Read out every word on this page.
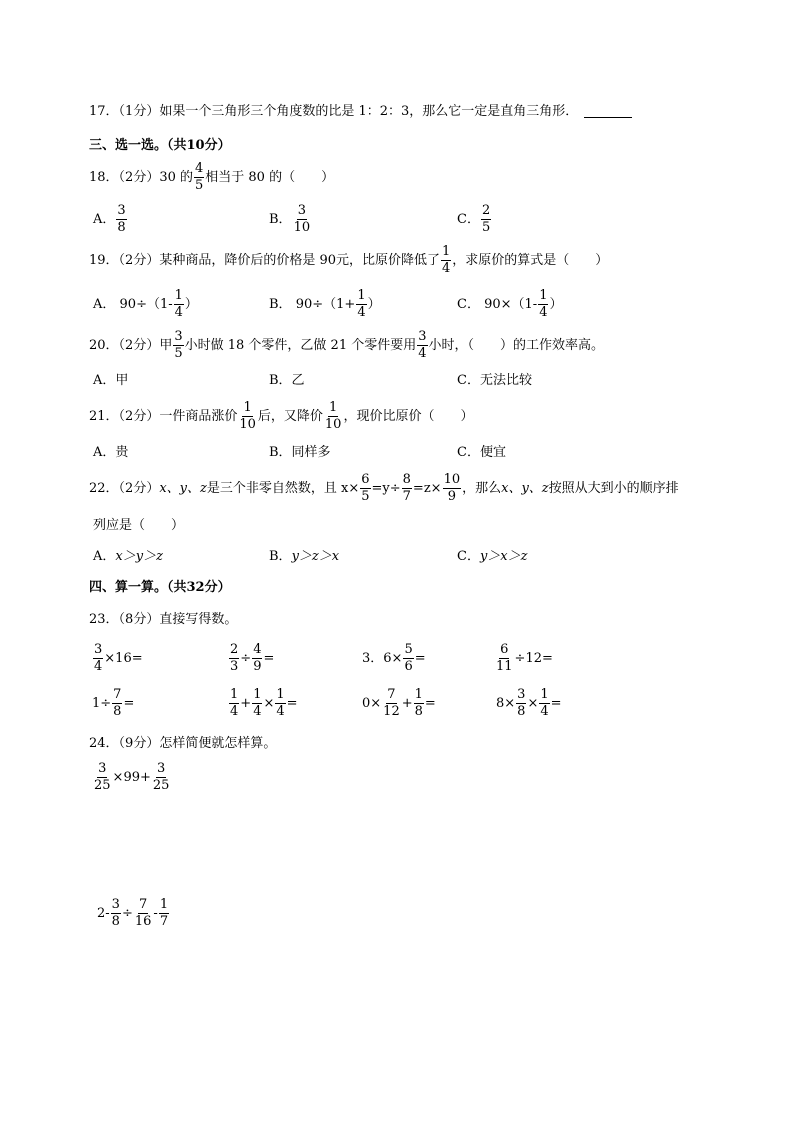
17．（1分）如果一个三角形三个角度数的比是 1：2：3，那么它一定是直角三角形．
三、选一选。（共10分）
18．（2分）30 的 $\frac{4}{5}$ 相当于 80 的（　　）
A． $\frac{3}{8}$	B． $\frac{3}{10}$	C． $\frac{2}{5}$
19．（2分）某种商品，降价后的价格是 90元，比原价降低了 $\frac{1}{4}$ ，求原价的算式是（　　）
A．
$90\div(1- \frac{1}{4}$ ）	B．
$90\div(1+ \frac{1}{4}$ ）	C．
$90\times(1- \frac{1}{4}$ ）
20．（2分）甲 $\frac{3}{5}$ 小时做 18 个零件，乙做 21 个零件要用 $\frac{3}{4}$ 小时，（　　）的工作效率高。
A．甲	B．乙	C．无法比较
21．（2分）一件商品涨价 $\frac{1}{10}$ 后，又降价 $\frac{1}{10}$ ，现价比原价（　　）
A．贵	B．同样多	C．便宜
22．（2分） x、y、z 是三个非零自然数，且 $x\times \frac{6}{5} =y\div \frac{8}{7} =z\times \frac{10}{9}$ ，那么 x、y、z 按照从大到小的顺序排
列应是（　　）
A． x＞y＞z	B． y＞z＞x	C． y＞x＞z
四、算一算。（共32分）
23．（8分）直接写得数。
$\frac{3}{4} \times 16=$	$\frac{2}{3} \div \frac{4}{9}$ =	3．$6\times \frac{5}{6}$ =	$\frac{6}{11} \div 12=$
$1\div \frac{7}{8}$ =	$\frac{1}{4} + \frac{1}{4} \times \frac{1}{4}$ =	$0\times \frac{7}{12} + \frac{1}{8}$ =	$8\times \frac{3}{8} \times \frac{1}{4}$ =
24．（9分）怎样简便就怎样算。
$\frac{3}{25} \times 99+ \frac{3}{25}$
$2- \frac{3}{8} \div \frac{7}{16} - \frac{1}{7}$
